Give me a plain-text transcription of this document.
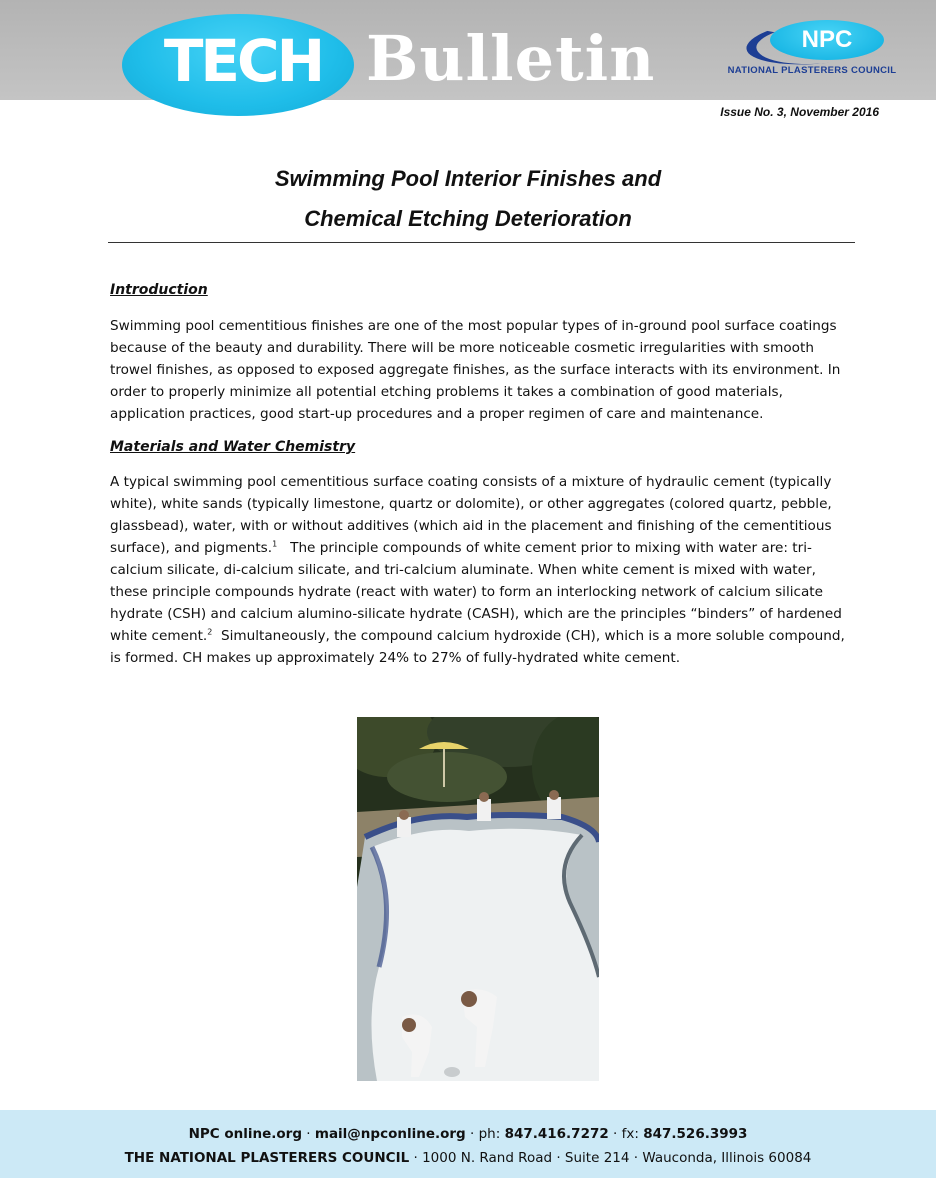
TECH Bulletin	NPC
NATIONAL PLASTERERS COUNCIL
Issue No. 3, November 2016
Swimming Pool Interior Finishes and
Chemical Etching Deterioration
Introduction
Swimming pool cementitious finishes are one of the most popular types of in-ground pool surface coatings
because of the beauty and durability. There will be more noticeable cosmetic irregularities with smooth
trowel finishes, as opposed to exposed aggregate finishes, as the surface interacts with its environment. In
order to properly minimize all potential etching problems it takes a combination of good materials,
application practices, good start-up procedures and a proper regimen of care and maintenance.
Materials and Water Chemistry
A typical swimming pool cementitious surface coating consists of a mixture of hydraulic cement (typically
white), white sands (typically limestone, quartz or dolomite), or other aggregates (colored quartz, pebble,
glassbead), water, with or without additives (which aid in the placement and finishing of the cementitious
surface), and pigments.$^1$   The principle compounds of white cement prior to mixing with water are: tri-
calcium silicate, di-calcium silicate, and tri-calcium aluminate. When white cement is mixed with water,
these principle compounds hydrate (react with water) to form an interlocking network of calcium silicate
hydrate (CSH) and calcium alumino-silicate hydrate (CASH), which are the principles “binders” of hardened
white cement.$^2$  Simultaneously, the compound calcium hydroxide (CH), which is a more soluble compound,
is formed. CH makes up approximately 24% to 27% of fully-hydrated white cement.
NPC online.org · mail@npconline.org · ph: 847.416.7272 · fx: 847.526.3993
THE NATIONAL PLASTERERS COUNCIL · 1000 N. Rand Road · Suite 214 · Wauconda, Illinois 60084
